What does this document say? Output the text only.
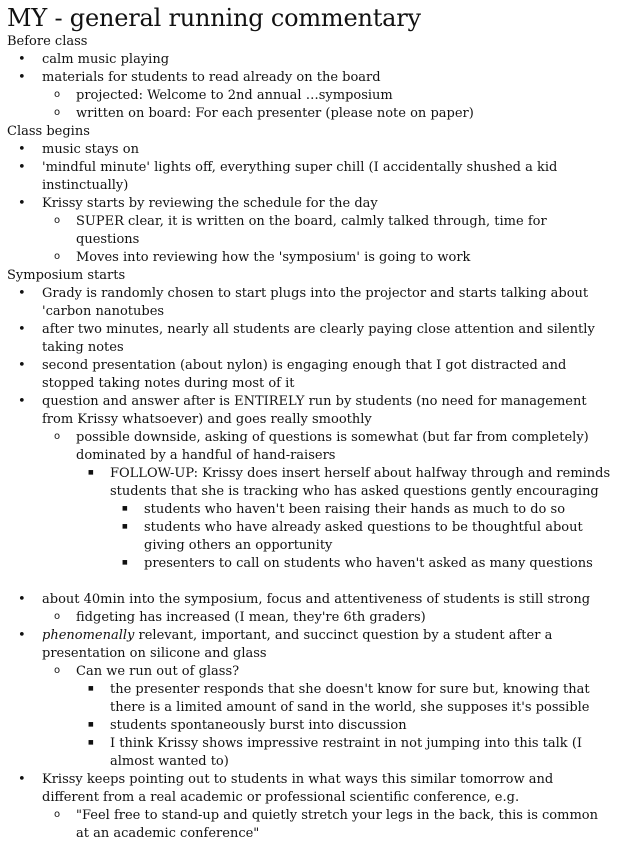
MY - general running commentary
Before class
• calm music playing
• materials for students to read already on the board
o projected: Welcome to 2nd annual …symposium
o written on board: For each presenter (please note on paper)
Class begins
• music stays on
• 'mindful minute' lights off, everything super chill (I accidentally shushed a kid instinctually)
• Krissy starts by reviewing the schedule for the day
o SUPER clear, it is written on the board, calmly talked through, time for questions
o Moves into reviewing how the 'symposium' is going to work
Symposium starts
• Grady is randomly chosen to start plugs into the projector and starts talking about 'carbon nanotubes
• after two minutes, nearly all students are clearly paying close attention and silently taking notes
• second presentation (about nylon) is engaging enough that I got distracted and stopped taking notes during most of it
• question and answer after is ENTIRELY run by students (no need for management from Krissy whatsoever) and goes really smoothly
o possible downside, asking of questions is somewhat (but far from completely) dominated by a handful of hand-raisers
■ FOLLOW-UP: Krissy does insert herself about halfway through and reminds students that she is tracking who has asked questions gently encouraging
■ students who haven't been raising their hands as much to do so
■ students who have already asked questions to be thoughtful about giving others an opportunity
■ presenters to call on students who haven't asked as many questions
• about 40min into the symposium, focus and attentiveness of students is still strong
o fidgeting has increased (I mean, they're 6th graders)
• phenomenally relevant, important, and succinct question by a student after a presentation on silicone and glass
o Can we run out of glass?
■ the presenter responds that she doesn't know for sure but, knowing that there is a limited amount of sand in the world, she supposes it's possible
■ students spontaneously burst into discussion
■ I think Krissy shows impressive restraint in not jumping into this talk (I almost wanted to)
• Krissy keeps pointing out to students in what ways this similar tomorrow and different from a real academic or professional scientific conference, e.g.
o "Feel free to stand-up and quietly stretch your legs in the back, this is common at an academic conference"
